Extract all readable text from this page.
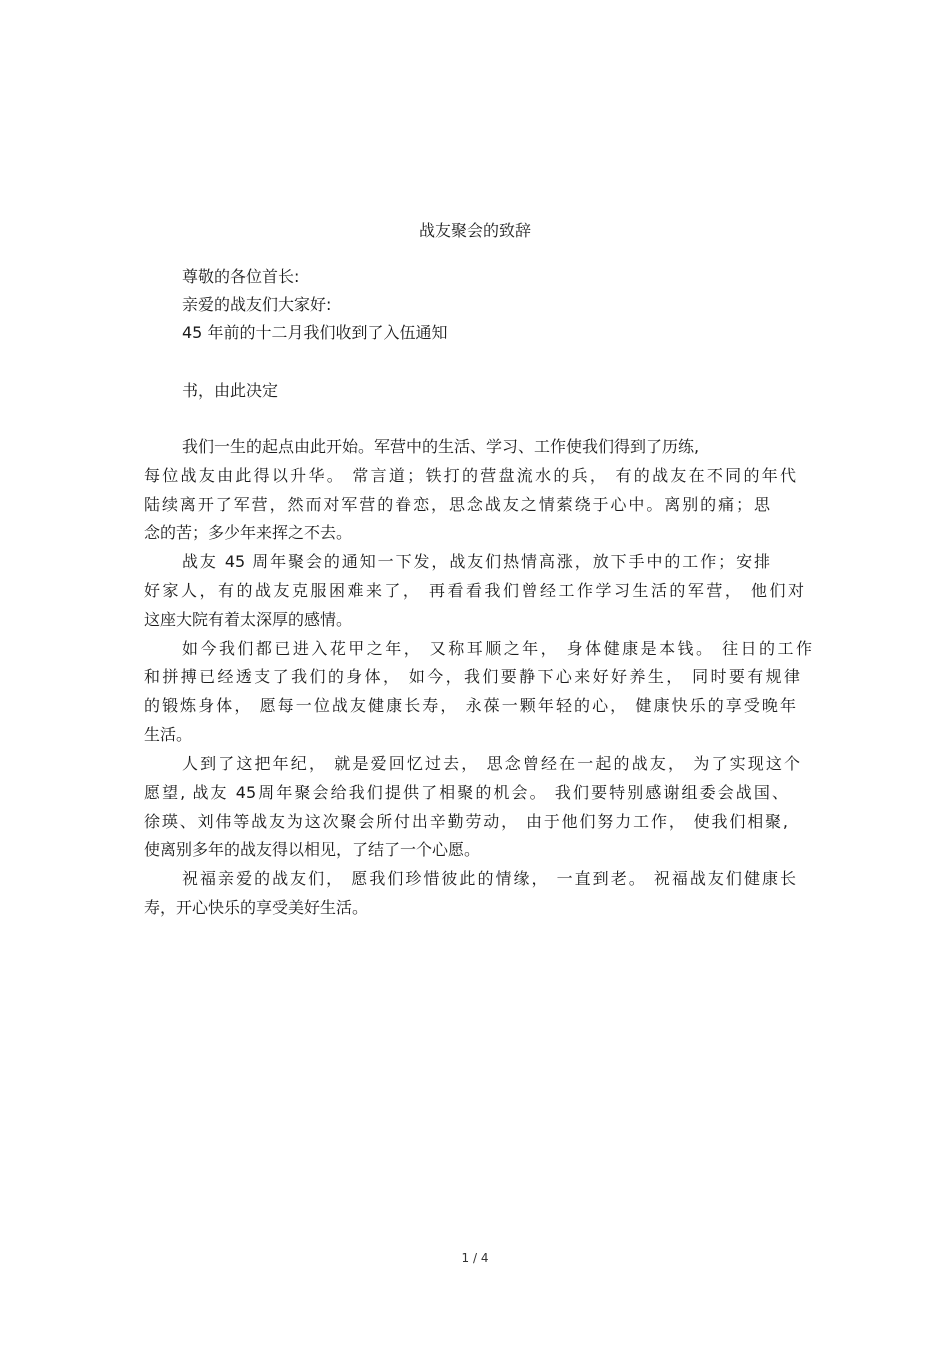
战友聚会的致辞
尊敬的各位首长:
亲爱的战友们大家好:
45 年前的十二月我们收到了入伍通知
书，由此决定
我们一生的起点由此开始。军营中的生活、学习、工作使我们得到了历练,
每位战友由此得以升华。 常言道；铁打的营盘流水的兵， 有的战友在不同的年代
陆续离开了军营，然而对军营的眷恋，思念战友之情萦绕于心中。离别的痛；思
念的苦；多少年来挥之不去。
战友 45 周年聚会的通知一下发，战友们热情高涨，放下手中的工作；安排
好家人，有的战友克服困难来了， 再看看我们曾经工作学习生活的军营， 他们对
这座大院有着太深厚的感情。
如今我们都已进入花甲之年， 又称耳顺之年， 身体健康是本钱。 往日的工作
和拼搏已经透支了我们的身体， 如今，我们要静下心来好好养生， 同时要有规律
的锻炼身体， 愿每一位战友健康长寿， 永葆一颗年轻的心， 健康快乐的享受晚年
生活。
人到了这把年纪， 就是爱回忆过去， 思念曾经在一起的战友， 为了实现这个
愿望, 战友 45周年聚会给我们提供了相聚的机会。 我们要特别感谢组委会战国、
徐瑛、刘伟等战友为这次聚会所付出辛勤劳动， 由于他们努力工作， 使我们相聚,
使离别多年的战友得以相见，了结了一个心愿。
祝福亲爱的战友们， 愿我们珍惜彼此的情缘， 一直到老。 祝福战友们健康长
寿，开心快乐的享受美好生活。
1 / 4
